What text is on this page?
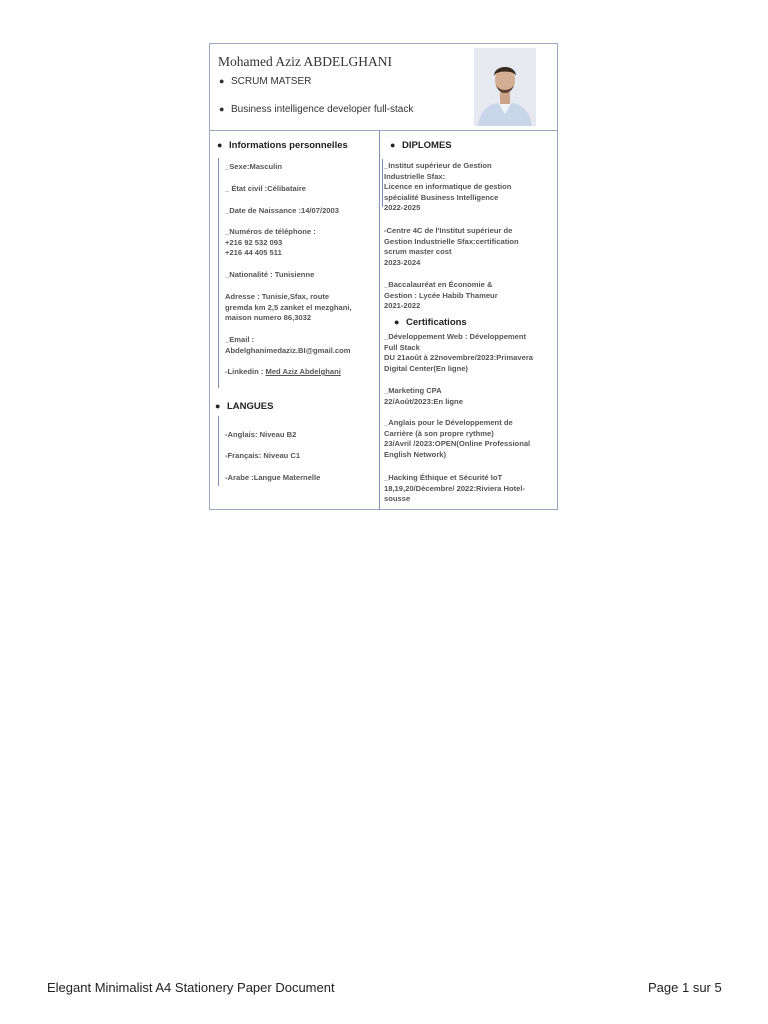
Mohamed Aziz ABDELGHANI
● SCRUM MATSER
● Business intelligence developer full-stack
● Informations personnelles
_Sexe:Masculin
_ État civil :Célibataire
_Date de Naissance :14/07/2003
_Numéros de téléphone :
+216 92 532 093
+216 44 405 511
_Nationalité : Tunisienne
Adresse : Tunisie,Sfax, route
gremda km 2,5 zanket el mezghani,
maison numero 86,3032
_Email :
Abdelghanimedaziz.BI@gmail.com
-Linkedin : Med Aziz Abdelghani
● LANGUES
-Anglais: Niveau B2
-Français: Niveau C1
-Arabe :Langue Maternelle
● DIPLOMES
_Institut supérieur de Gestion
Industrielle Sfax:
Licence en informatique de gestion
spécialité Business Intelligence
2022-2025
-Centre 4C de l'Institut supérieur de
Gestion Industrielle Sfax:certification
scrum master cost
2023-2024
_Baccalauréat en Économie &
Gestion : Lycée Habib Thameur
2021-2022
● Certifications
_Développement Web : Développement
Full Stack
DU 21août à 22novembre/2023:Primavera
Digital Center(En ligne)
_Marketing CPA
22/Août/2023:En ligne
_Anglais pour le Développement de
Carrière (à son propre rythme)
23/Avril /2023:OPEN(Online Professional
English Network)
_Hacking Éthique et Sécurité IoT
18,19,20/Décembre/ 2022:Riviera Hotel-
sousse
Elegant Minimalist A4 Stationery Paper Document	Page 1 sur 5
